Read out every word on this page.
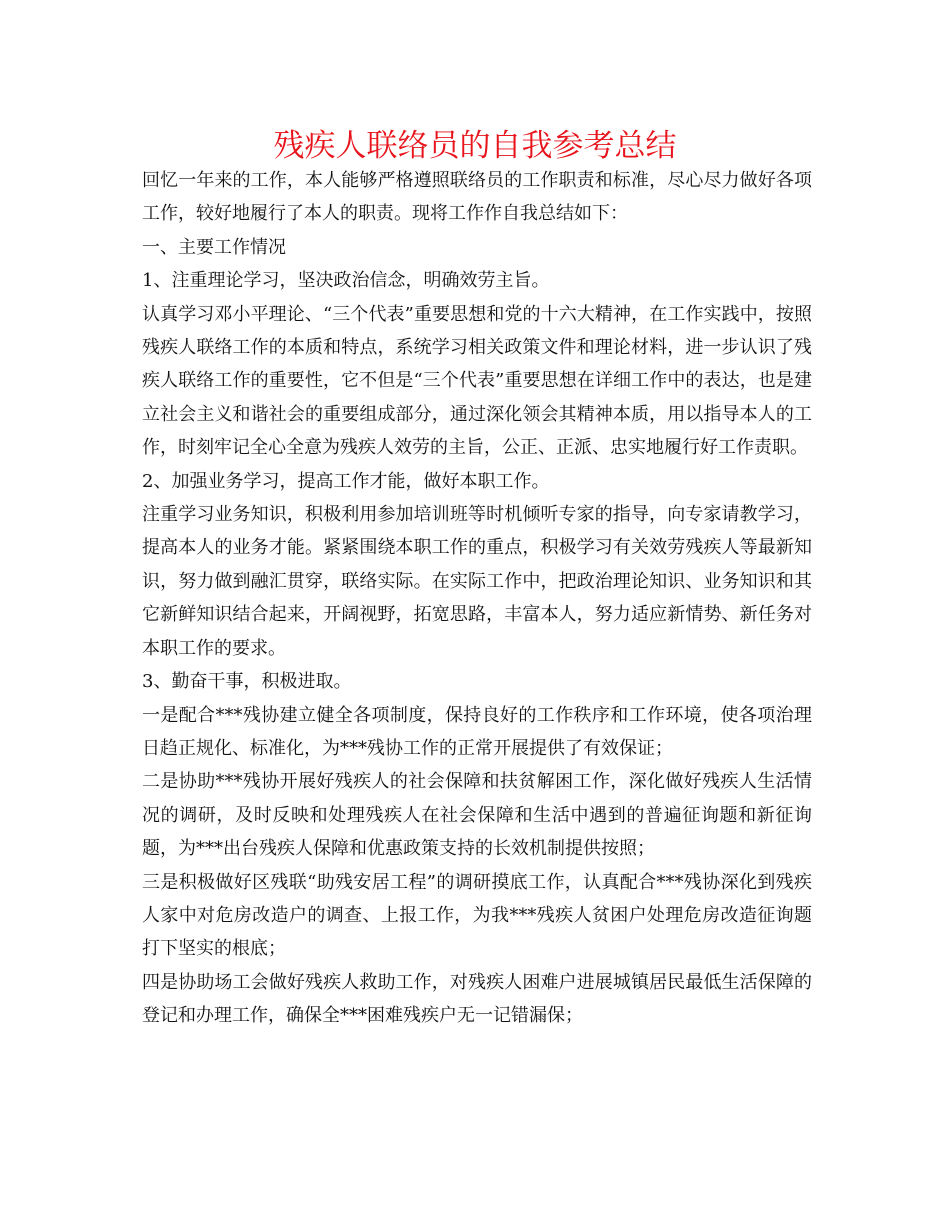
残疾人联络员的自我参考总结

回忆一年来的工作，本人能够严格遵照联络员的工作职责和标准，尽心尽力做好各项工作，较好地履行了本人的职责。现将工作作自我总结如下：

一、主要工作情况

1、注重理论学习，坚决政治信念，明确效劳主旨。

认真学习邓小平理论、“三个代表”重要思想和党的十六大精神，在工作实践中，按照残疾人联络工作的本质和特点，系统学习相关政策文件和理论材料，进一步认识了残疾人联络工作的重要性，它不但是“三个代表”重要思想在详细工作中的表达，也是建立社会主义和谐社会的重要组成部分，通过深化领会其精神本质，用以指导本人的工作，时刻牢记全心全意为残疾人效劳的主旨，公正、正派、忠实地履行好工作责职。

2、加强业务学习，提高工作才能，做好本职工作。

注重学习业务知识，积极利用参加培训班等时机倾听专家的指导，向专家请教学习，提高本人的业务才能。紧紧围绕本职工作的重点，积极学习有关效劳残疾人等最新知识，努力做到融汇贯穿，联络实际。在实际工作中，把政治理论知识、业务知识和其它新鲜知识结合起来，开阔视野，拓宽思路，丰富本人，努力适应新情势、新任务对本职工作的要求。

3、勤奋干事，积极进取。

一是配合***残协建立健全各项制度，保持良好的工作秩序和工作环境，使各项治理日趋正规化、标准化，为***残协工作的正常开展提供了有效保证；

二是协助***残协开展好残疾人的社会保障和扶贫解困工作，深化做好残疾人生活情况的调研，及时反映和处理残疾人在社会保障和生活中遇到的普遍征询题和新征询题，为***出台残疾人保障和优惠政策支持的长效机制提供按照；

三是积极做好区残联“助残安居工程”的调研摸底工作，认真配合***残协深化到残疾人家中对危房改造户的调查、上报工作，为我***残疾人贫困户处理危房改造征询题打下坚实的根底；

四是协助场工会做好残疾人救助工作，对残疾人困难户进展城镇居民最低生活保障的登记和办理工作，确保全***困难残疾户无一记错漏保；
